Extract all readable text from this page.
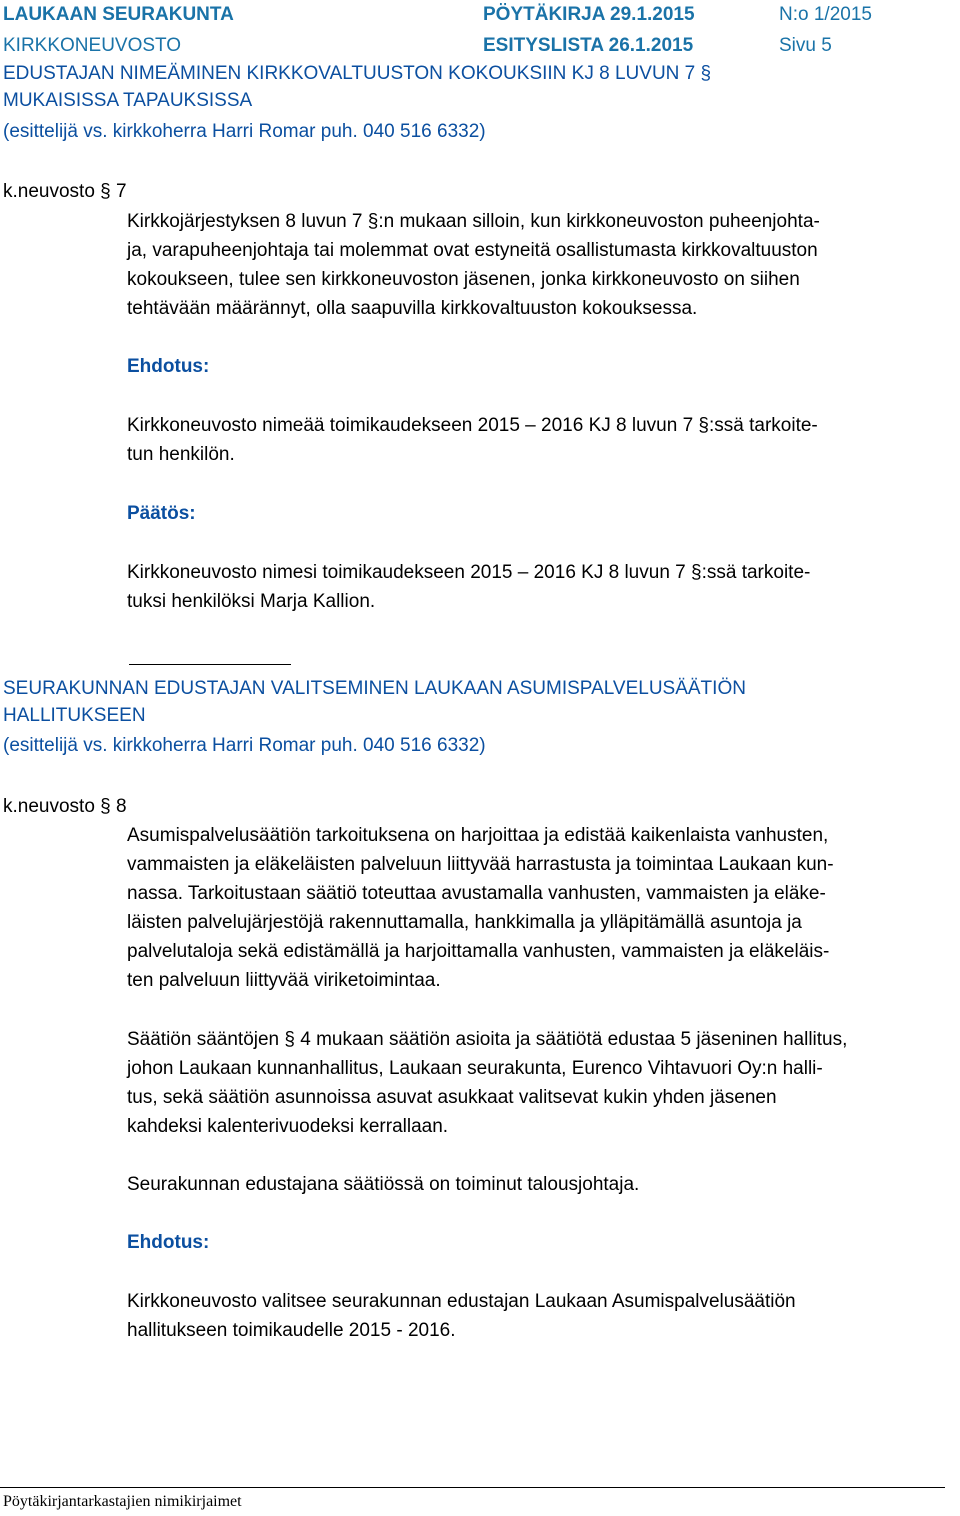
LAUKAAN SEURAKUNTA
KIRKKONEUVOSTO
PÖYTÄKIRJA 29.1.2015
ESITYSLISTA 26.1.2015
N:o 1/2015
Sivu 5
EDUSTAJAN NIMEÄMINEN KIRKKOVALTUUSTON KOKOUKSIIN KJ 8 LUVUN 7 §
MUKAISISSA TAPAUKSISSA
(esittelijä vs. kirkkoherra Harri Romar puh. 040 516 6332)
k.neuvosto § 7
Kirkkojärjestyksen 8 luvun 7 §:n mukaan silloin, kun kirkkoneuvoston puheenjohta-
ja, varapuheenjohtaja tai molemmat ovat estyneitä osallistumasta kirkkovaltuuston
kokoukseen, tulee sen kirkkoneuvoston jäsenen, jonka kirkkoneuvosto on siihen
tehtävään määrännyt, olla saapuvilla kirkkovaltuuston kokouksessa.
Ehdotus:
Kirkkoneuvosto nimeää toimikaudekseen 2015 – 2016 KJ 8 luvun 7 §:ssä tarkoite-
tun henkilön.
Päätös:
Kirkkoneuvosto nimesi toimikaudekseen 2015 – 2016 KJ 8 luvun 7 §:ssä tarkoite-
tuksi henkilöksi Marja Kallion.
SEURAKUNNAN EDUSTAJAN VALITSEMINEN LAUKAAN ASUMISPALVELUSÄÄTIÖN
HALLITUKSEEN
(esittelijä vs. kirkkoherra Harri Romar puh. 040 516 6332)
k.neuvosto § 8
Asumispalvelusäätiön tarkoituksena on harjoittaa ja edistää kaikenlaista vanhusten,
vammaisten ja eläkeläisten palveluun liittyvää harrastusta ja toimintaa Laukaan kun-
nassa. Tarkoitustaan säätiö toteuttaa avustamalla vanhusten, vammaisten ja eläke-
läisten palvelujärjestöjä rakennuttamalla, hankkimalla ja ylläpitämällä asuntoja ja
palvelutaloja sekä edistämällä ja harjoittamalla vanhusten, vammaisten ja eläkeläis-
ten palveluun liittyvää viriketoimintaa.
Säätiön sääntöjen § 4 mukaan säätiön asioita ja säätiötä edustaa 5 jäseninen hallitus,
johon Laukaan kunnanhallitus, Laukaan seurakunta, Eurenco Vihtavuori Oy:n halli-
tus, sekä säätiön asunnoissa asuvat asukkaat valitsevat kukin yhden jäsenen
kahdeksi kalenterivuodeksi kerrallaan.
Seurakunnan edustajana säätiössä on toiminut talousjohtaja.
Ehdotus:
Kirkkoneuvosto valitsee seurakunnan edustajan Laukaan Asumispalvelusäätiön
hallitukseen toimikaudelle 2015 - 2016.
Pöytäkirjantarkastajien nimikirjaimet
